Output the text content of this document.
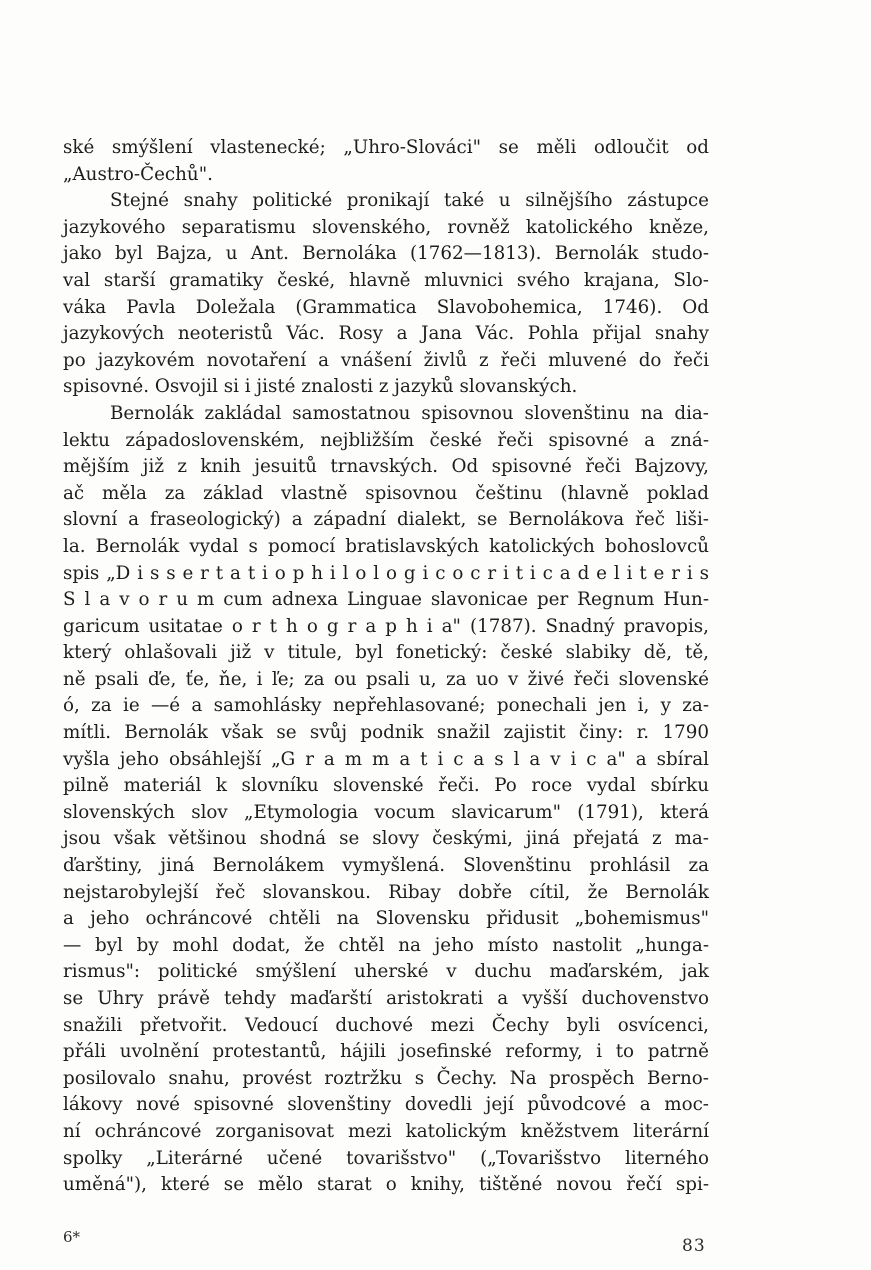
ské smýšlení vlastenecké; „Uhro-Slováci" se měli odloučit od
„Austro-Čechů".
Stejné snahy politické pronikají také u silnějšího zástupce
jazykového separatismu slovenského, rovněž katolického kněze,
jako byl Bajza, u Ant. Bernoláka (1762—1813). Bernolák studo-
val starší gramatiky české, hlavně mluvnici svého krajana, Slo-
váka Pavla Doležala (Grammatica Slavobohemica, 1746). Od
jazykových neoteristů Vác. Rosy a Jana Vác. Pohla přijal snahy
po jazykovém novotaření a vnášení živlů z řeči mluvené do řeči
spisovné. Osvojil si i jisté znalosti z jazyků slovanských.
Bernolák zakládal samostatnou spisovnou slovenštinu na dia-
lektu západoslovenském, nejbližším české řeči spisovné a zná-
mějším již z knih jesuitů trnavských. Od spisovné řeči Bajzovy,
ač měla za základ vlastně spisovnou češtinu (hlavně poklad
slovní a fraseologický) a západní dialekt, se Bernolákova řeč liši-
la. Bernolák vydal s pomocí bratislavských katolických bohoslovců
spis „D i s s e r t a t i o p h i l o l o g i c o c r i t i c a d e l i t e r i s
S l a v o r u m cum adnexa Linguae slavonicae per Regnum Hun-
garicum usitatae o r t h o g r a p h i a" (1787). Snadný pravopis,
který ohlašovali již v titule, byl fonetický: české slabiky dě, tě,
ně psali ďe, ťe, ňe, i ľe; za ou psali u, za uo v živé řeči slovenské
ó, za ie —é a samohlásky nepřehlasované; ponechali jen i, y za-
mítli. Bernolák však se svůj podnik snažil zajistit činy: r. 1790
vyšla jeho obsáhlejší „G r a m m a t i c a s l a v i c a" a sbíral
pilně materiál k slovníku slovenské řeči. Po roce vydal sbírku
slovenských slov „Etymologia vocum slavicarum" (1791), která
jsou však většinou shodná se slovy českými, jiná přejatá z ma-
ďarštiny, jiná Bernolákem vymyšlená. Slovenštinu prohlásil za
nejstarobylejší řeč slovanskou. Ribay dobře cítil, že Bernolák
a jeho ochráncové chtěli na Slovensku přidusit „bohemismus"
— byl by mohl dodat, že chtěl na jeho místo nastolit „hunga-
rismus": politické smýšlení uherské v duchu maďarském, jak
se Uhry právě tehdy maďarští aristokrati a vyšší duchovenstvo
snažili přetvořit. Vedoucí duchové mezi Čechy byli osvícenci,
přáli uvolnění protestantů, hájili josefinské reformy, i to patrně
posilovalo snahu, provést roztržku s Čechy. Na prospěch Berno-
lákovy nové spisovné slovenštiny dovedli její původcové a moc-
ní ochráncové zorganisovat mezi katolickým kněžstvem literární
spolky „Literárné učené tovarišstvo" („Tovarišstvo literného
uměná"), které se mělo starat o knihy, tištěné novou řečí spi-
6*	83
